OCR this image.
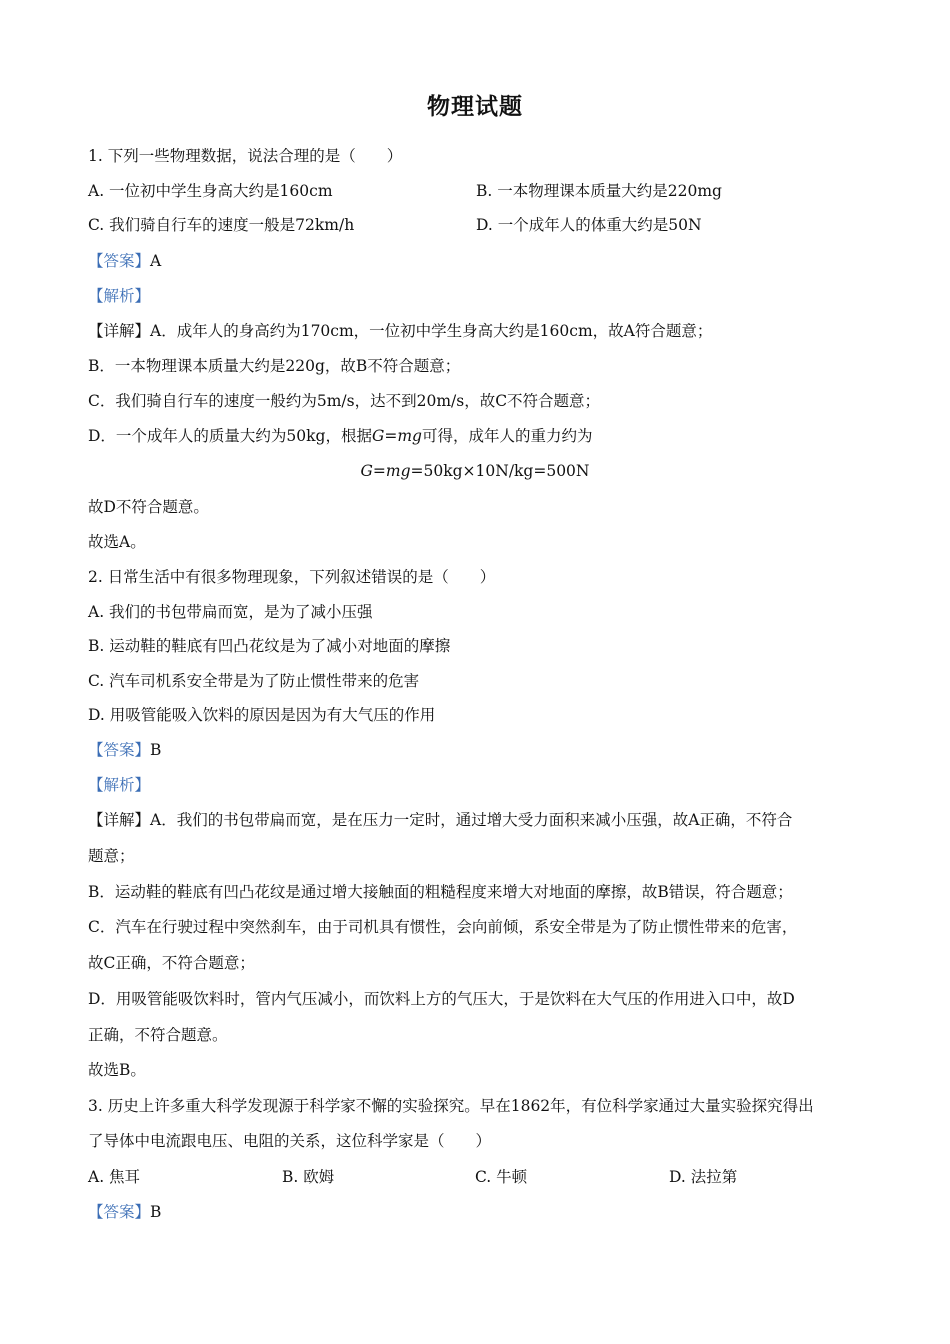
物理试题
1. 下列一些物理数据，说法合理的是（　　）
A. 一位初中学生身高大约是160cm	B. 一本物理课本质量大约是220mg
C. 我们骑自行车的速度一般是72km/h	D. 一个成年人的体重大约是50N
【答案】A
【解析】
【详解】A．成年人的身高约为170cm，一位初中学生身高大约是160cm，故A符合题意；
B．一本物理课本质量大约是220g，故B不符合题意；
C．我们骑自行车的速度一般约为5m/s，达不到20m/s，故C不符合题意；
D．一个成年人的质量大约为50kg，根据G=mg可得，成年人的重力约为
G=mg=50kg×10N/kg=500N
故D不符合题意。
故选A。
2. 日常生活中有很多物理现象，下列叙述错误的是（　　）
A. 我们的书包带扁而宽，是为了减小压强
B. 运动鞋的鞋底有凹凸花纹是为了减小对地面的摩擦
C. 汽车司机系安全带是为了防止惯性带来的危害
D. 用吸管能吸入饮料的原因是因为有大气压的作用
【答案】B
【解析】
【详解】A．我们的书包带扁而宽，是在压力一定时，通过增大受力面积来减小压强，故A正确，不符合
题意；
B．运动鞋的鞋底有凹凸花纹是通过增大接触面的粗糙程度来增大对地面的摩擦，故B错误，符合题意；
C．汽车在行驶过程中突然刹车，由于司机具有惯性，会向前倾，系安全带是为了防止惯性带来的危害，
故C正确，不符合题意；
D．用吸管能吸饮料时，管内气压减小，而饮料上方的气压大，于是饮料在大气压的作用进入口中，故D
正确，不符合题意。
故选B。
3. 历史上许多重大科学发现源于科学家不懈的实验探究。早在1862年，有位科学家通过大量实验探究得出
了导体中电流跟电压、电阻的关系，这位科学家是（　　）
A. 焦耳	B. 欧姆	C. 牛顿	D. 法拉第
【答案】B
